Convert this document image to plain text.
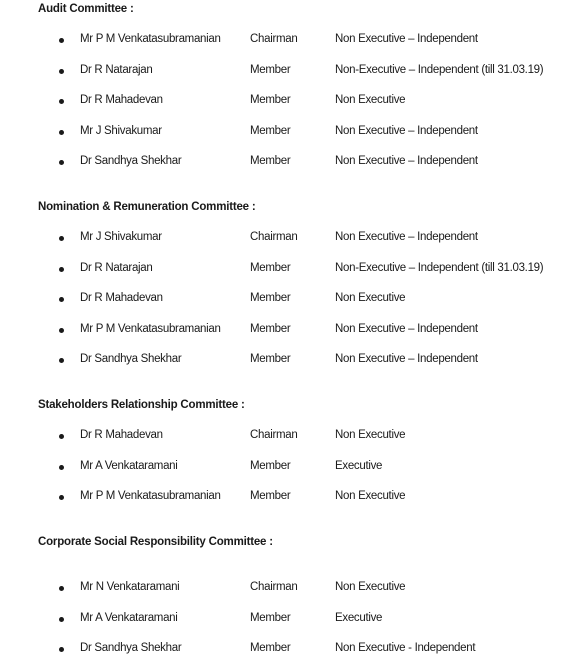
Audit Committee :
Mr P M Venkatasubramanian	Chairman	Non Executive – Independent
Dr R Natarajan	Member	Non-Executive – Independent (till 31.03.19)
Dr R Mahadevan	Member	Non Executive
Mr J Shivakumar	Member	Non Executive – Independent
Dr Sandhya Shekhar	Member	Non Executive – Independent
Nomination & Remuneration Committee :
Mr J Shivakumar	Chairman	Non Executive – Independent
Dr R Natarajan	Member	Non-Executive – Independent (till 31.03.19)
Dr R Mahadevan	Member	Non Executive
Mr P M Venkatasubramanian	Member	Non Executive – Independent
Dr Sandhya Shekhar	Member	Non Executive – Independent
Stakeholders Relationship Committee :
Dr R Mahadevan	Chairman	Non Executive
Mr A Venkataramani	Member	Executive
Mr P M Venkatasubramanian	Member	Non Executive
Corporate Social Responsibility Committee :
Mr N Venkataramani	Chairman	Non Executive
Mr A Venkataramani	Member	Executive
Dr Sandhya Shekhar	Member	Non Executive - Independent
